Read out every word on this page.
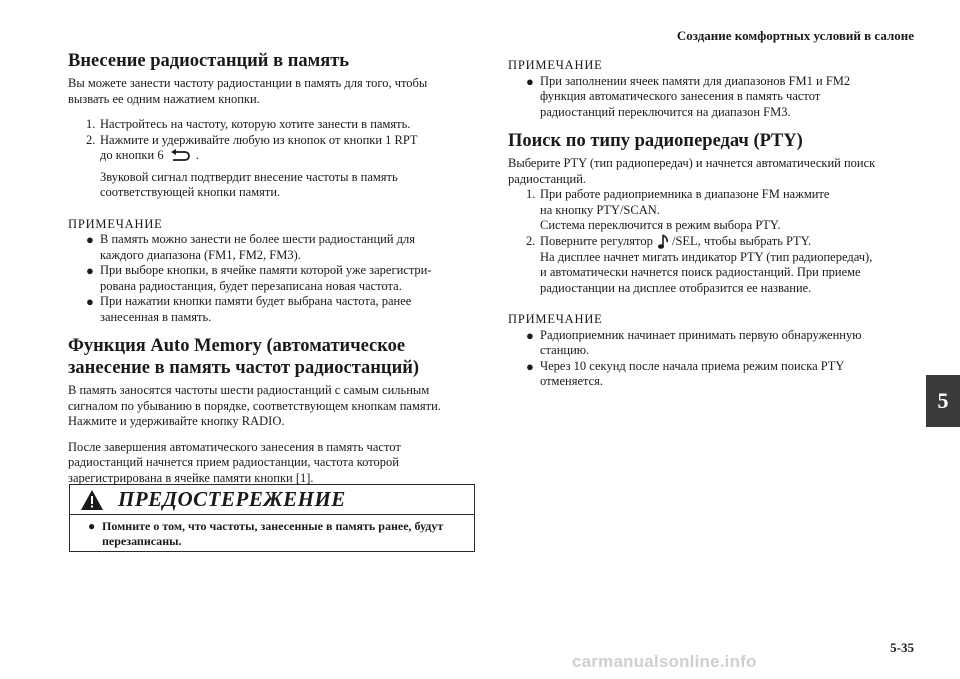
Создание комфортных условий в салоне
5
5-35
carmanualsonline.info
Внесение радиостанций в память

Вы можете занести частоту радиостанции в память для того, чтобы

вызвать ее одним нажатием кнопки.

1. Настройтесь на частоту, которую хотите занести в память.
2. Нажмите и удерживайте любую из кнопок от кнопки 1 RPT
до кнопки 6	.

Звуковой сигнал подтвердит внесение частоты в память

соответствующей кнопки памяти.

ПРИМЕЧАНИЕ

● В память можно занести не более шести радиостанций для
каждого диапазона (FM1, FM2, FM3).
● При выборе кнопки, в ячейке памяти которой уже зарегистри-
рована радиостанция, будет перезаписана новая частота.
● При нажатии кнопки памяти будет выбрана частота, ранее
занесенная в память.
Функция Auto Memory (автоматическое
занесение в память частот радиостанций)

В память заносятся частоты шести радиостанций с самым сильным

сигналом по убыванию в порядке, соответствующем кнопкам памяти.

Нажмите и удерживайте кнопку RADIO.

После завершения автоматического занесения в память частот

радиостанций начнется прием радиостанции, частота которой

зарегистрирована в ячейке памяти кнопки [1].

ПРЕДОСТЕРЕЖЕНИЕ
● Помните о том, что частоты, занесенные в память ранее, будут
перезаписаны.

ПРИМЕЧАНИЕ

● При заполнении ячеек памяти для диапазонов FM1 и FM2
функция автоматического занесения в память частот
радиостанций переключится на диапазон FM3.
Поиск по типу радиопередач (PTY)

Выберите PTY (тип радиопередач) и начнется автоматический поиск

радиостанций.

1. При работе радиоприемника в диапазоне FM нажмите
на кнопку PTY/SCAN.
Система переключится в режим выбора PTY.
2. Поверните регулятор /SEL, чтобы выбрать PTY.
На дисплее начнет мигать индикатор PTY (тип радиопередач),
и автоматически начнется поиск радиостанций. При приеме
радиостанции на дисплее отобразится ее название.

ПРИМЕЧАНИЕ

● Радиоприемник начинает принимать первую обнаруженную
станцию.
● Через 10 секунд после начала приема режим поиска PTY
отменяется.
